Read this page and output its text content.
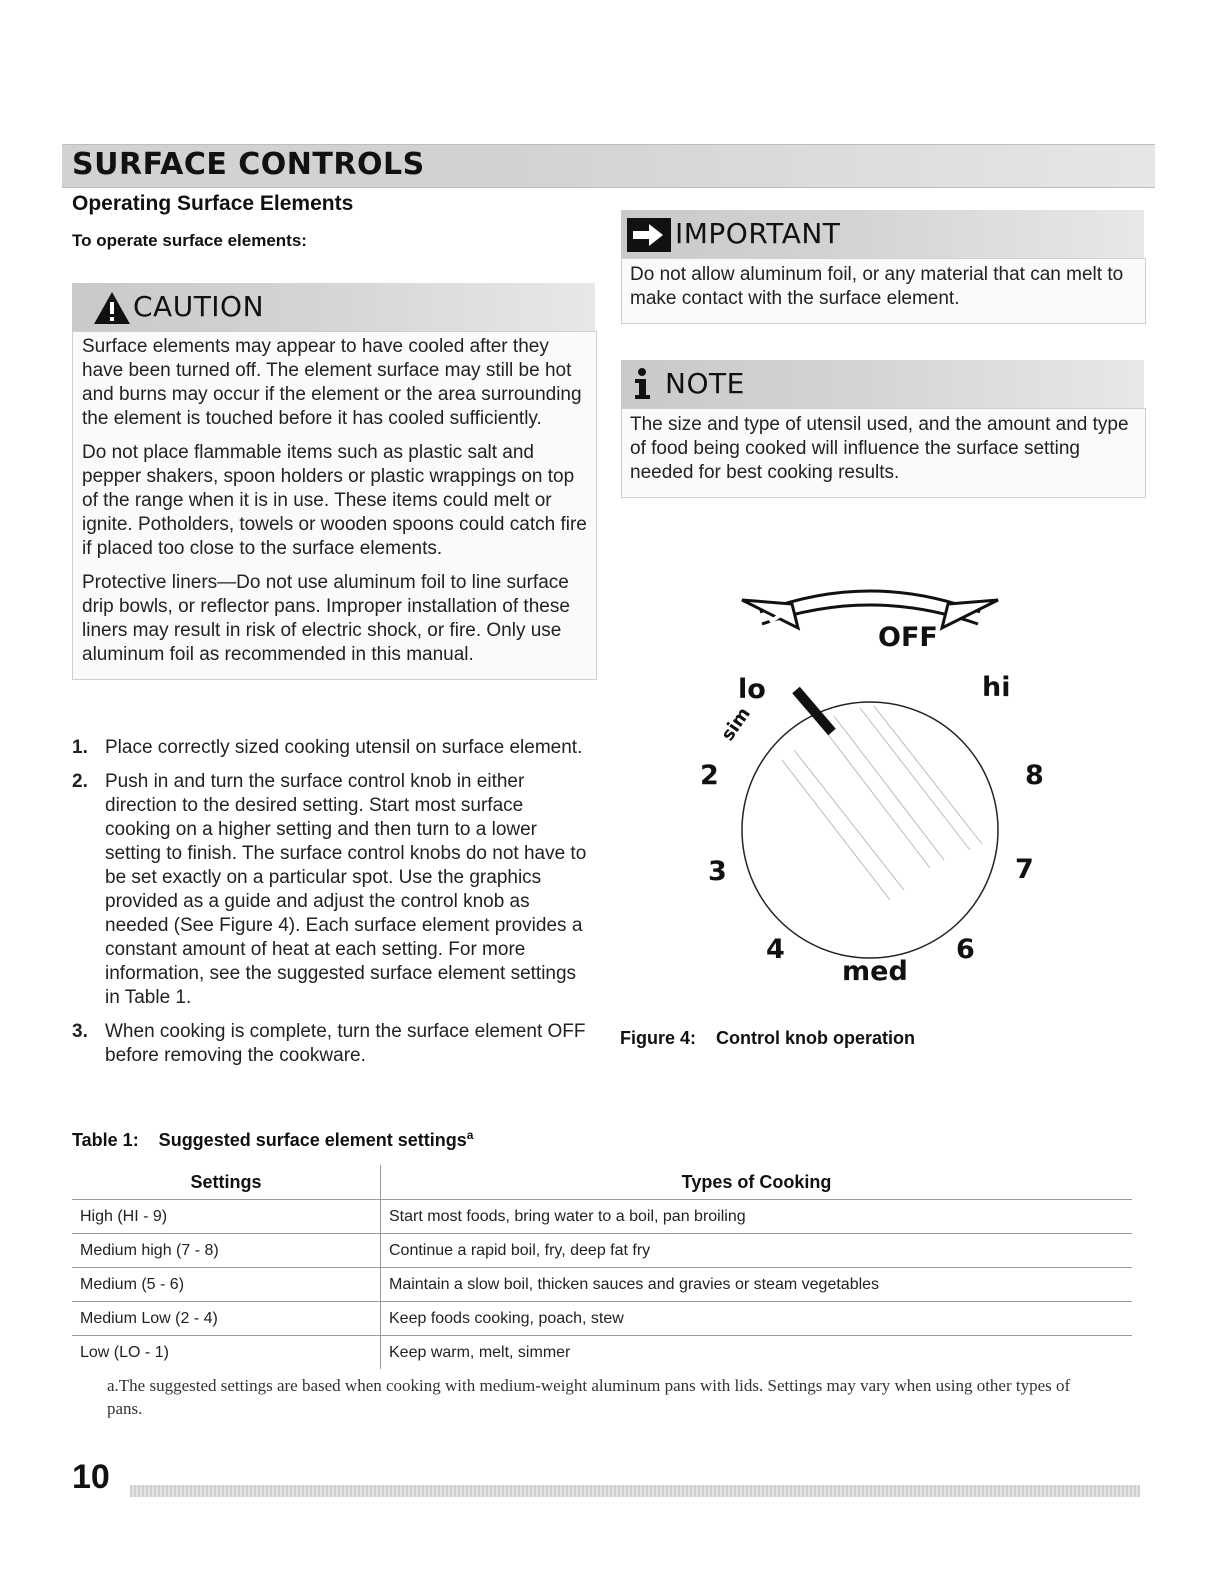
SURFACE CONTROLS
Operating Surface Elements
To operate surface elements:
CAUTION

Surface elements may appear to have cooled after they have been turned off. The element surface may still be hot and burns may occur if the element or the area surrounding the element is touched before it has cooled sufficiently.

Do not place flammable items such as plastic salt and pepper shakers, spoon holders or plastic wrappings on top of the range when it is in use. These items could melt or ignite. Potholders, towels or wooden spoons could catch fire if placed too close to the surface elements.

Protective liners—Do not use aluminum foil to line surface drip bowls, or reflector pans. Improper installation of these liners may result in risk of electric shock, or fire. Only use aluminum foil as recommended in this manual.

IMPORTANT
Do not allow aluminum foil, or any material that can melt to make contact with the surface element.
NOTE
The size and type of utensil used, and the amount and type of food being cooked will influence the surface setting needed for best cooking results.
1. Place correctly sized cooking utensil on surface element.
2. Push in and turn the surface control knob in either direction to the desired setting. Start most surface cooking on a higher setting and then turn to a lower setting to finish. The surface control knobs do not have to be set exactly on a particular spot. Use the graphics provided as a guide and adjust the control knob as needed (See Figure 4). Each surface element provides a constant amount of heat at each setting. For more information, see the suggested surface element settings in Table 1.
3. When cooking is complete, turn the surface element OFF before removing the cookware.
OFF
lo	hi
sim
2
3
4	6
7
8
med
Figure 4:    Control knob operation
Table 1:    Suggested surface element settings$^a$
Settings	Types of Cooking
High (HI - 9)	Start most foods, bring water to a boil, pan broiling
Medium high (7 - 8)	Continue a rapid boil, fry, deep fat fry
Medium (5 - 6)	Maintain a slow boil, thicken sauces and gravies or steam vegetables
Medium Low (2 - 4)	Keep foods cooking, poach, stew
Low (LO - 1)	Keep warm, melt, simmer
a.The suggested settings are based when cooking with medium-weight aluminum pans with lids. Settings may vary when using other types of pans.
10
